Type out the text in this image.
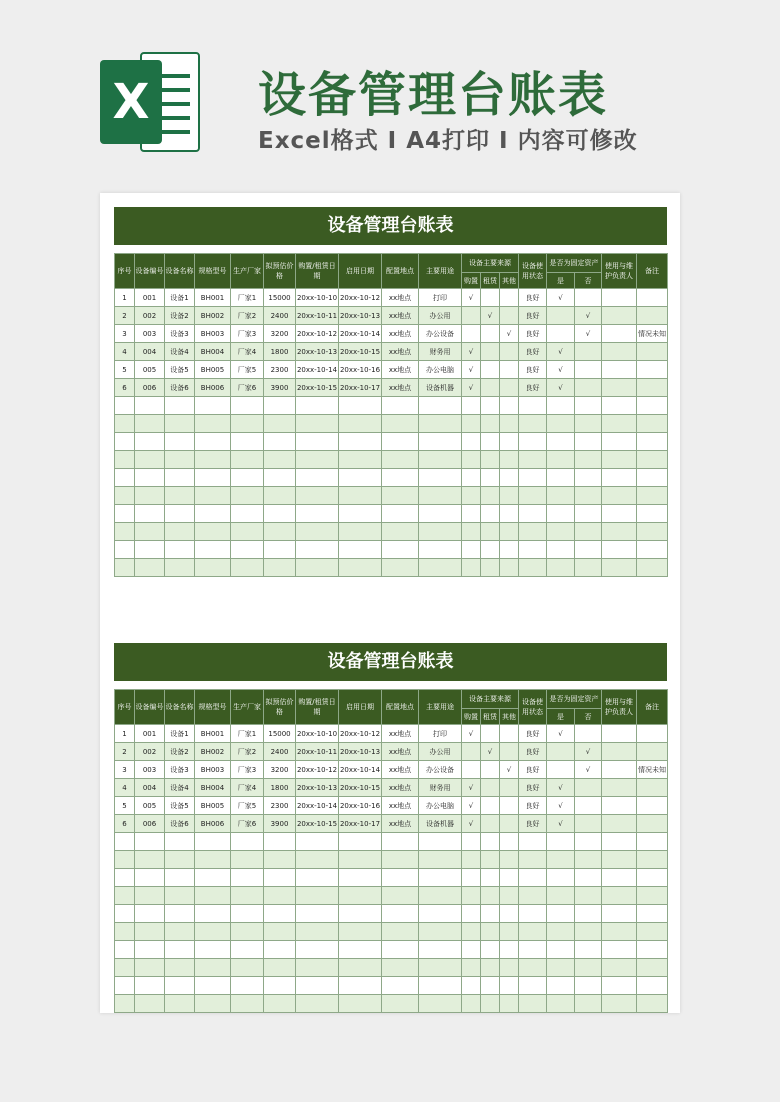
X 设备管理台账表
Excel格式 I A4打印 I 内容可修改
设备管理台账表
序号	设备编号	设备名称	规格型号	生产厂家	拟预估价格	购置/租赁日期	启用日期	配置地点	主要用途	设备主要来源			设备使用状态	是否为固定资产		使用与维护负责人	备注
										购置	租赁	其他		是	否		
1	001	设备1	BH001	厂家1	15000	20xx-10-10	20xx-10-12	xx地点	打印	√			良好	√			
2	002	设备2	BH002	厂家2	2400	20xx-10-11	20xx-10-13	xx地点	办公用		√		良好		√		
3	003	设备3	BH003	厂家3	3200	20xx-10-12	20xx-10-14	xx地点	办公设备			√	良好		√		情况未知
4	004	设备4	BH004	厂家4	1800	20xx-10-13	20xx-10-15	xx地点	财务用	√			良好	√			
5	005	设备5	BH005	厂家5	2300	20xx-10-14	20xx-10-16	xx地点	办公电脑	√			良好	√			
6	006	设备6	BH006	厂家6	3900	20xx-10-15	20xx-10-17	xx地点	设备机器	√			良好	√			

设备管理台账表
序号	设备编号	设备名称	规格型号	生产厂家	拟预估价格	购置/租赁日期	启用日期	配置地点	主要用途	设备主要来源			设备使用状态	是否为固定资产		使用与维护负责人	备注
										购置	租赁	其他		是	否		
1	001	设备1	BH001	厂家1	15000	20xx-10-10	20xx-10-12	xx地点	打印	√			良好	√			
2	002	设备2	BH002	厂家2	2400	20xx-10-11	20xx-10-13	xx地点	办公用		√		良好		√		
3	003	设备3	BH003	厂家3	3200	20xx-10-12	20xx-10-14	xx地点	办公设备			√	良好		√		情况未知
4	004	设备4	BH004	厂家4	1800	20xx-10-13	20xx-10-15	xx地点	财务用	√			良好	√			
5	005	设备5	BH005	厂家5	2300	20xx-10-14	20xx-10-16	xx地点	办公电脑	√			良好	√			
6	006	设备6	BH006	厂家6	3900	20xx-10-15	20xx-10-17	xx地点	设备机器	√			良好	√			
